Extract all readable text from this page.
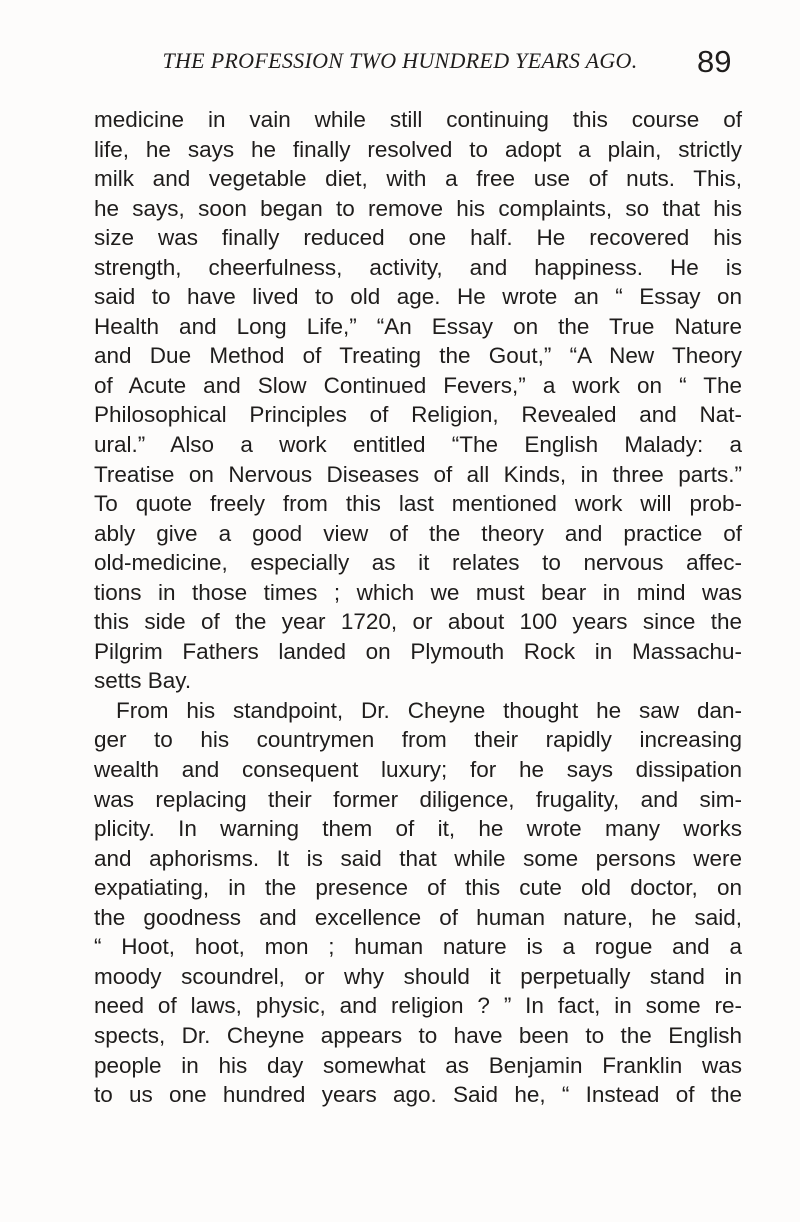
THE PROFESSION TWO HUNDRED YEARS AGO.	89
medicine in vain while still continuing this course of
life, he says he finally resolved to adopt a plain, strictly
milk and vegetable diet, with a free use of nuts. This,
he says, soon began to remove his complaints, so that his
size was finally reduced one half. He recovered his
strength, cheerfulness, activity, and happiness. He is
said to have lived to old age. He wrote an “ Essay on
Health and Long Life,” “An Essay on the True Nature
and Due Method of Treating the Gout,” “A New Theory
of Acute and Slow Continued Fevers,” a work on “ The
Philosophical Principles of Religion, Revealed and Nat-
ural.” Also a work entitled “The English Malady: a
Treatise on Nervous Diseases of all Kinds, in three parts.”
To quote freely from this last mentioned work will prob-
ably give a good view of the theory and practice of
old-medicine, especially as it relates to nervous affec-
tions in those times ; which we must bear in mind was
this side of the year 1720, or about 100 years since the
Pilgrim Fathers landed on Plymouth Rock in Massachu-
setts Bay.
From his standpoint, Dr. Cheyne thought he saw dan-
ger to his countrymen from their rapidly increasing
wealth and consequent luxury; for he says dissipation
was replacing their former diligence, frugality, and sim-
plicity. In warning them of it, he wrote many works
and aphorisms. It is said that while some persons were
expatiating, in the presence of this cute old doctor, on
the goodness and excellence of human nature, he said,
“ Hoot, hoot, mon ; human nature is a rogue and a
moody scoundrel, or why should it perpetually stand in
need of laws, physic, and religion ? ” In fact, in some re-
spects, Dr. Cheyne appears to have been to the English
people in his day somewhat as Benjamin Franklin was
to us one hundred years ago. Said he, “ Instead of the
